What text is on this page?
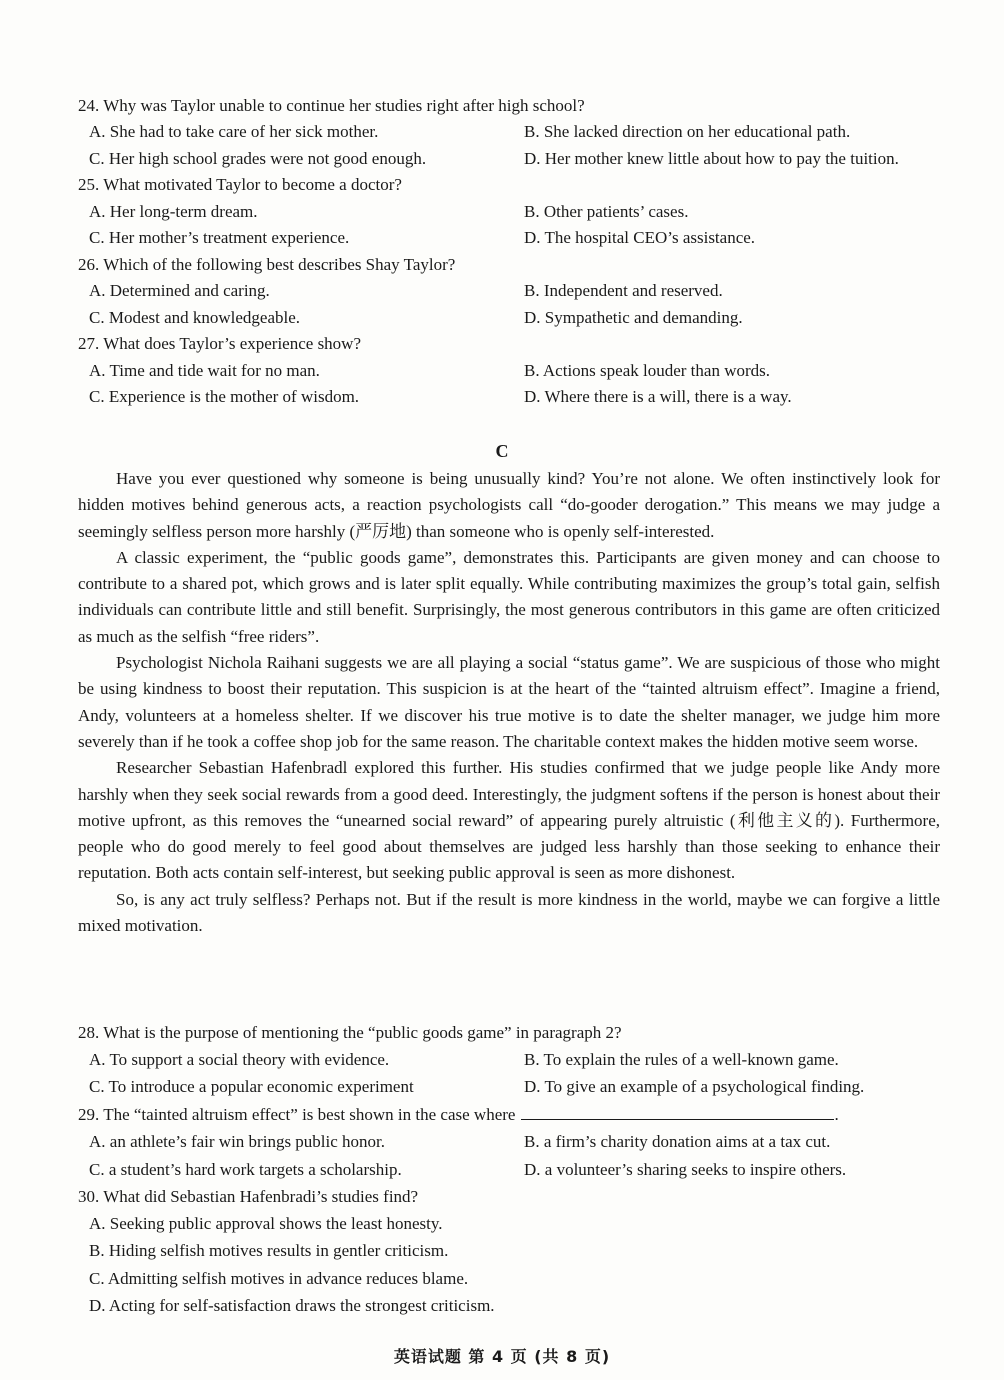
24. Why was Taylor unable to continue her studies right after high school?
A. She had to take care of her sick mother.	B. She lacked direction on her educational path.
C. Her high school grades were not good enough.	D. Her mother knew little about how to pay the tuition.
25. What motivated Taylor to become a doctor?
A. Her long-term dream.	B. Other patients’ cases.
C. Her mother’s treatment experience.	D. The hospital CEO’s assistance.
26. Which of the following best describes Shay Taylor?
A. Determined and caring.	B. Independent and reserved.
C. Modest and knowledgeable.	D. Sympathetic and demanding.
27. What does Taylor’s experience show?
A. Time and tide wait for no man.	B. Actions speak louder than words.
C. Experience is the mother of wisdom.	D. Where there is a will, there is a way.
C

Have you ever questioned why someone is being unusually kind? You’re not alone. We often instinctively look for hidden motives behind generous acts, a reaction psychologists call “do-gooder derogation.” This means we may judge a seemingly selfless person more harshly (严厉地) than someone who is openly self-interested.

A classic experiment, the “public goods game”, demonstrates this. Participants are given money and can choose to contribute to a shared pot, which grows and is later split equally. While contributing maximizes the group’s total gain, selfish individuals can contribute little and still benefit. Surprisingly, the most generous contributors in this game are often criticized as much as the selfish “free riders”.

Psychologist Nichola Raihani suggests we are all playing a social “status game”. We are suspicious of those who might be using kindness to boost their reputation. This suspicion is at the heart of the “tainted altruism effect”. Imagine a friend, Andy, volunteers at a homeless shelter. If we discover his true motive is to date the shelter manager, we judge him more severely than if he took a coffee shop job for the same reason. The charitable context makes the hidden motive seem worse.

Researcher Sebastian Hafenbradl explored this further. His studies confirmed that we judge people like Andy more harshly when they seek social rewards from a good deed. Interestingly, the judgment softens if the person is honest about their motive upfront, as this removes the “unearned social reward” of appearing purely altruistic (利他主义的). Furthermore, people who do good merely to feel good about themselves are judged less harshly than those seeking to enhance their reputation. Both acts contain self-interest, but seeking public approval is seen as more dishonest.

So, is any act truly selfless? Perhaps not. But if the result is more kindness in the world, maybe we can forgive a little mixed motivation.

28. What is the purpose of mentioning the “public goods game” in paragraph 2?
A. To support a social theory with evidence.	B. To explain the rules of a well-known game.
C. To introduce a popular economic experiment	D. To give an example of a psychological finding.
29. The “tainted altruism effect” is best shown in the case where	.
A. an athlete’s fair win brings public honor.	B. a firm’s charity donation aims at a tax cut.
C. a student’s hard work targets a scholarship.	D. a volunteer’s sharing seeks to inspire others.
30. What did Sebastian Hafenbradi’s studies find?
A. Seeking public approval shows the least honesty.
B. Hiding selfish motives results in gentler criticism.
C. Admitting selfish motives in advance reduces blame.
D. Acting for self-satisfaction draws the strongest criticism.
英语试题 第 4 页 (共 8 页)
